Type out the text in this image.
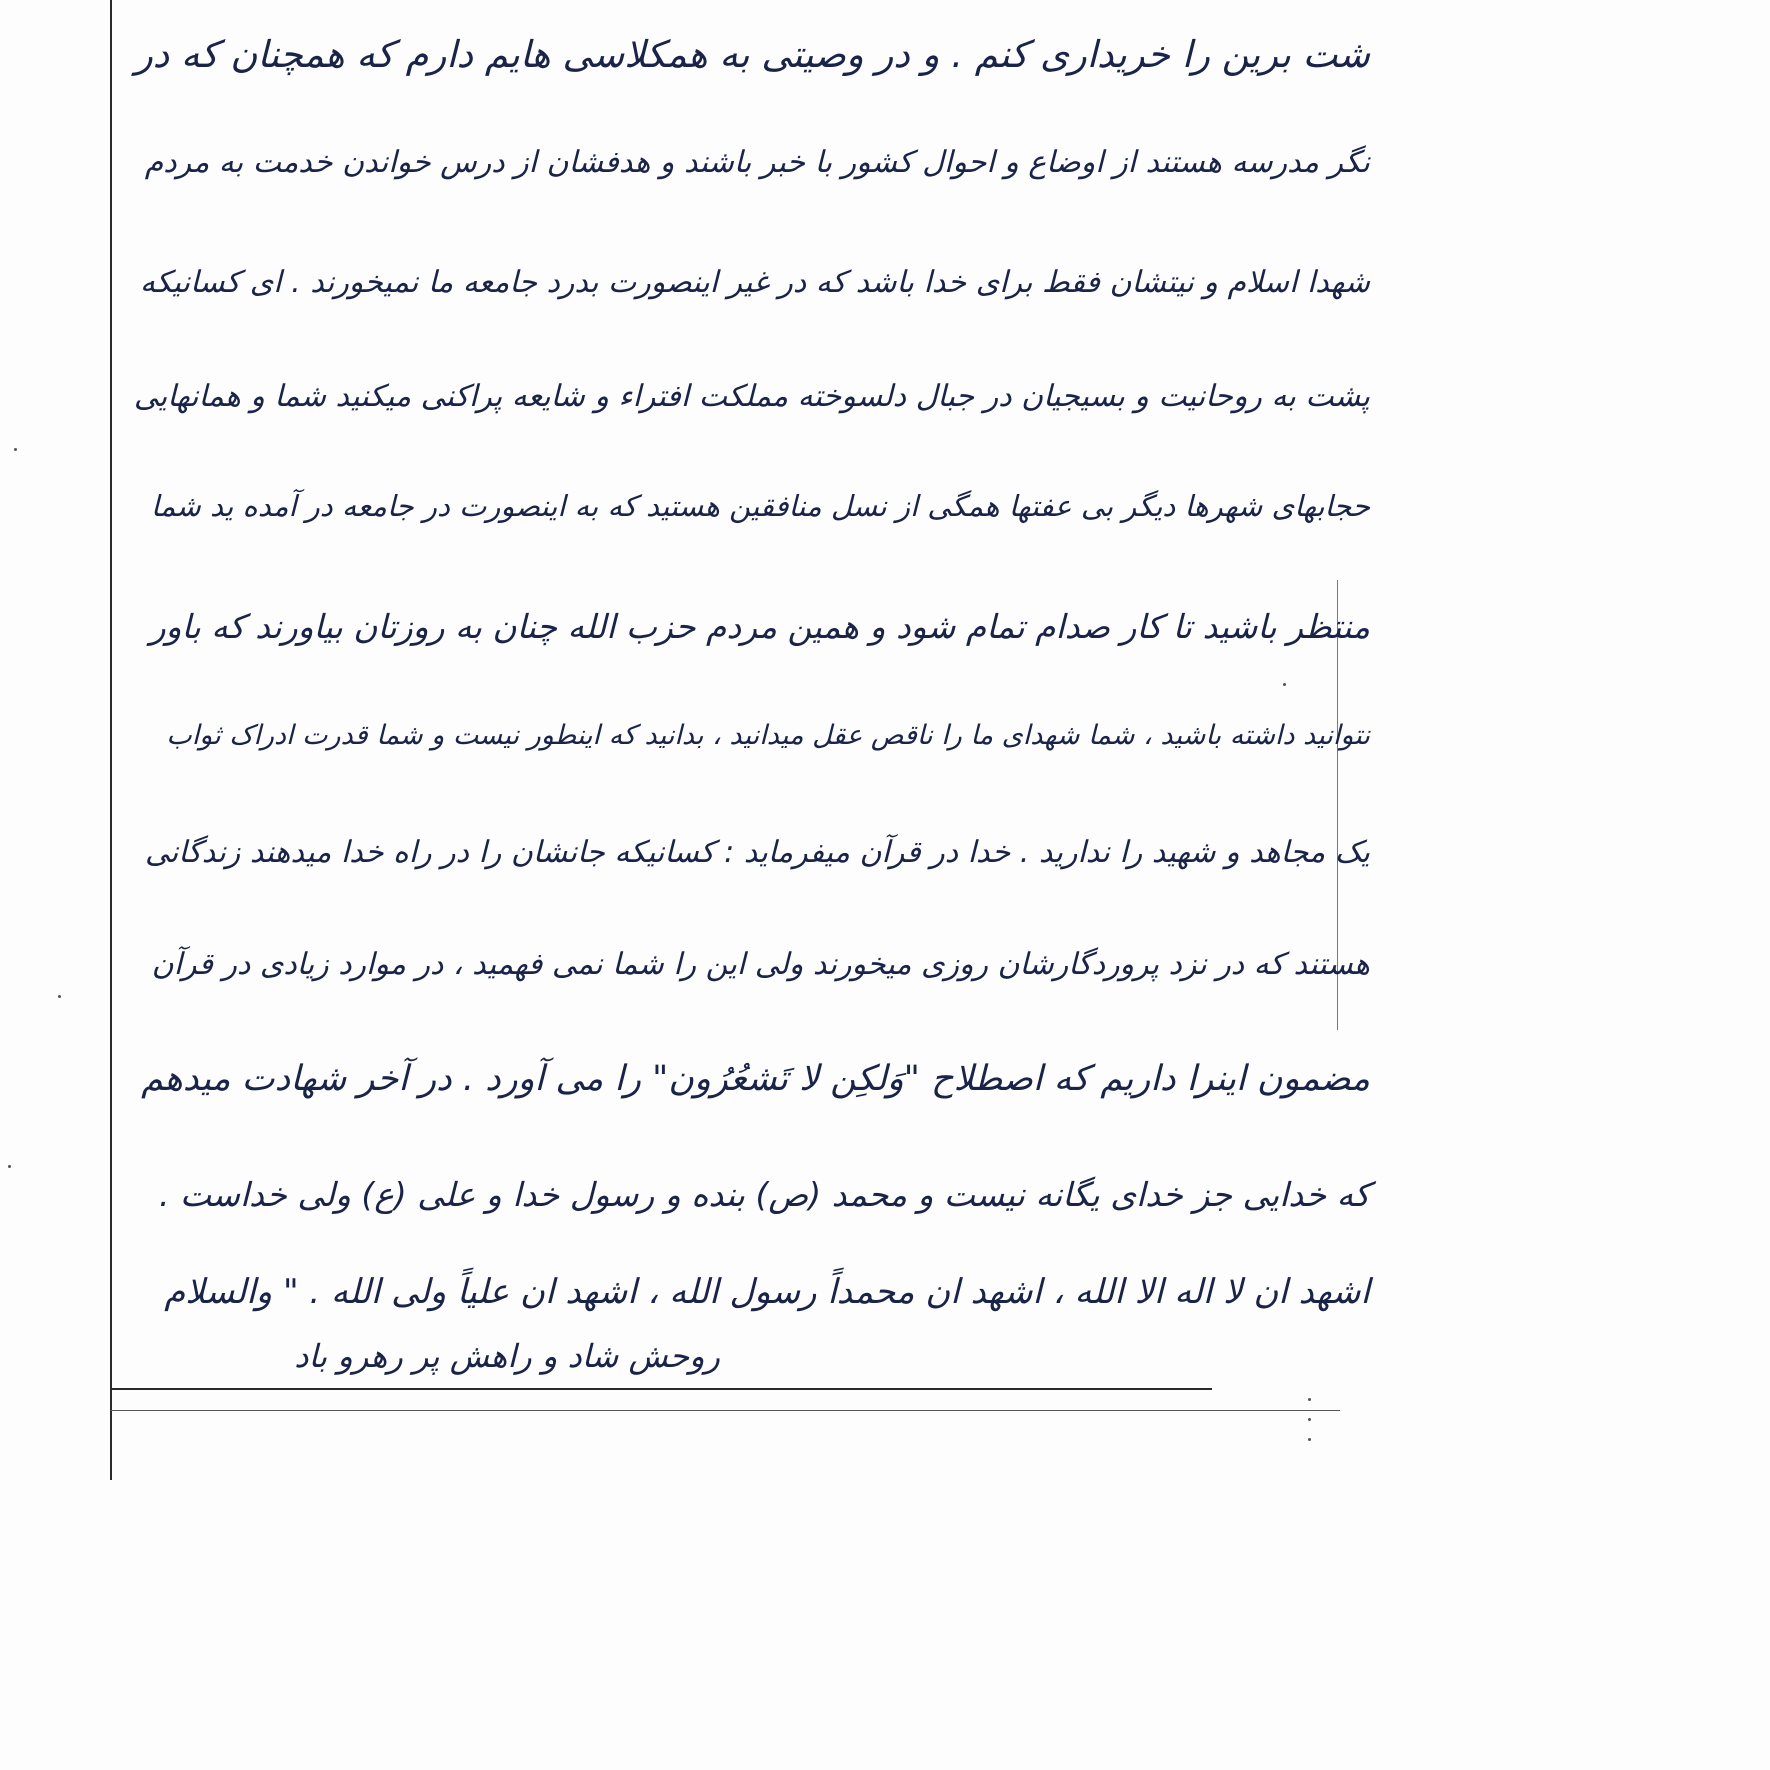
شت برین را خریداری کنم . و در وصیتی به همکلاسی هایم دارم که همچنان که در
نگر مدرسه هستند از اوضاع و احوال کشور با خبر باشند و هدفشان از درس خواندن خدمت به مردم
شهدا اسلام و نیتشان فقط برای خدا باشد که در غیر اینصورت بدرد جامعه ما نمیخورند . ای کسانیکه
پشت به روحانیت و بسیجیان در جبال دلسوخته مملکت افتراء و شایعه پراکنی میکنید شما و همانهایی
حجابهای شهرها دیگر بی عفتها همگی از نسل منافقین هستید که به اینصورت در جامعه در آمده ید شما
منتظر باشید تا کار صدام تمام شود و همین مردم حزب الله چنان به روزتان بیاورند که باور
نتوانید داشته باشید ، شما شهدای ما را ناقص عقل میدانید ، بدانید که اینطور نیست و شما قدرت ادراک ثواب
یک مجاهد و شهید را ندارید . خدا در قرآن میفرماید : کسانیکه جانشان را در راه خدا میدهند زندگانی
هستند که در نزد پروردگارشان روزی میخورند ولی این را شما نمی فهمید ، در موارد زیادی در قرآن
مضمون اینرا داریم که اصطلاح "وَلکِن لا تَشعُرُون" را می آورد . در آخر شهادت میدهم
که خدایی جز خدای یگانه نیست و محمد (ص) بنده و رسول خدا و علی (ع) ولی خداست .
اشهد ان لا اله الا الله ، اشهد ان محمداً رسول الله ، اشهد ان علیاً ولی الله . " والسلام
روحش شاد و راهش پر رهرو باد
